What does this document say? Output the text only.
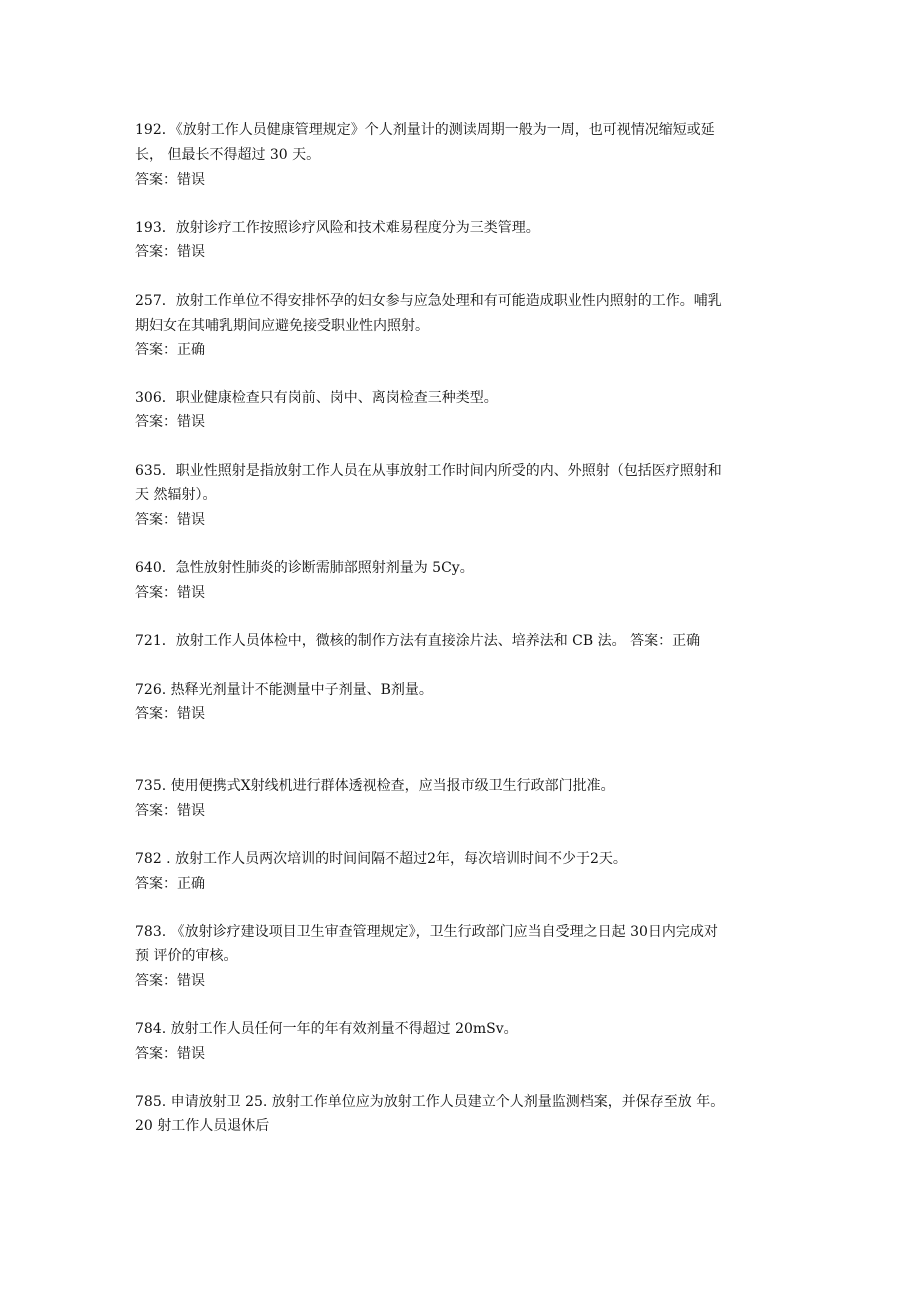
192．《放射工作人员健康管理规定》个人剂量计的测读周期一般为一周，也可视情况缩短或延
长， 但最长不得超过 30 天。
答案：错误
193．放射诊疗工作按照诊疗风险和技术难易程度分为三类管理。
答案：错误
257．放射工作单位不得安排怀孕的妇女参与应急处理和有可能造成职业性内照射的工作。哺乳
期妇女在其哺乳期间应避免接受职业性内照射。
答案：正确
306．职业健康检查只有岗前、岗中、离岗检查三种类型。
答案：错误
635．职业性照射是指放射工作人员在从事放射工作时间内所受的内、外照射（包括医疗照射和
天 然辐射）。
答案：错误
640．急性放射性肺炎的诊断需肺部照射剂量为 5Cy。
答案：错误
721．放射工作人员体检中，微核的制作方法有直接涂片法、培养法和 CB 法。 答案：正确
726. 热释光剂量计不能测量中子剂量、B剂量。
答案：错误
735. 使用便携式X射线机进行群体透视检查，应当报市级卫生行政部门批准。
答案：错误
782 . 放射工作人员两次培训的时间间隔不超过2年，每次培训时间不少于2天。
答案：正确
783. 《放射诊疗建设项目卫生审查管理规定》，卫生行政部门应当自受理之日起 30日内完成对
预 评价的审核。
答案：错误
784. 放射工作人员任何一年的年有效剂量不得超过 20mSv。
答案：错误
785. 申请放射卫 25. 放射工作单位应为放射工作人员建立个人剂量监测档案，并保存至放 年。
20 射工作人员退休后
